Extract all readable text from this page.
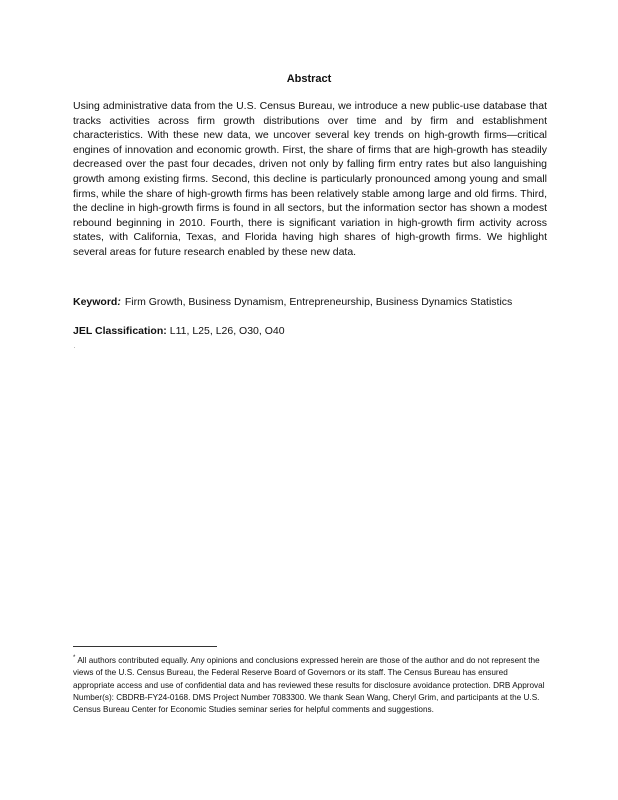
Abstract
Using administrative data from the U.S. Census Bureau, we introduce a new public-use database that tracks activities across firm growth distributions over time and by firm and establishment characteristics. With these new data, we uncover several key trends on high-growth firms—critical engines of innovation and economic growth. First, the share of firms that are high-growth has steadily decreased over the past four decades, driven not only by falling firm entry rates but also languishing growth among existing firms. Second, this decline is particularly pronounced among young and small firms, while the share of high-growth firms has been relatively stable among large and old firms. Third, the decline in high-growth firms is found in all sectors, but the information sector has shown a modest rebound beginning in 2010. Fourth, there is significant variation in high-growth firm activity across states, with California, Texas, and Florida having high shares of high-growth firms. We highlight several areas for future research enabled by these new data.
Keyword: Firm Growth, Business Dynamism, Entrepreneurship, Business Dynamics Statistics
JEL Classification: L11, L25, L26, O30, O40
* All authors contributed equally. Any opinions and conclusions expressed herein are those of the author and do not represent the views of the U.S. Census Bureau, the Federal Reserve Board of Governors or its staff. The Census Bureau has ensured appropriate access and use of confidential data and has reviewed these results for disclosure avoidance protection. DRB Approval Number(s): CBDRB-FY24-0168. DMS Project Number 7083300. We thank Sean Wang, Cheryl Grim, and participants at the U.S. Census Bureau Center for Economic Studies seminar series for helpful comments and suggestions.
